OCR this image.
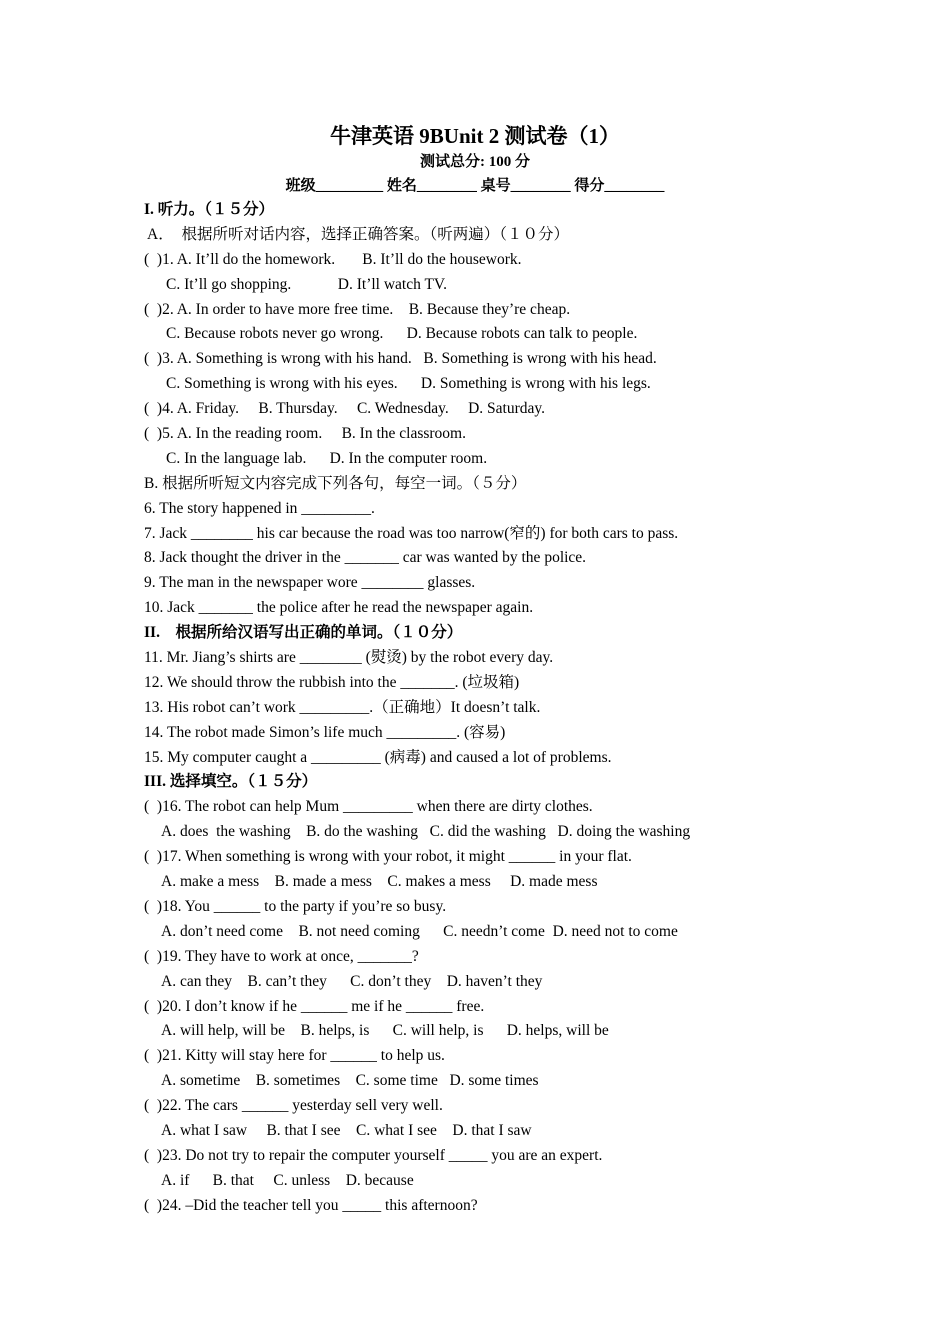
牛津英语 9BUnit 2 测试卷（1）
测试总分: 100 分
班级_________ 姓名________ 桌号________ 得分________
I. 听力。（１５分）
A．  根据所听对话内容，选择正确答案。（听两遍）（１０分）
(  )1. A. It’ll do the homework.       B. It’ll do the housework.
C. It’ll go shopping.            D. It’ll watch TV.
(  )2. A. In order to have more free time.    B. Because they’re cheap.
C. Because robots never go wrong.      D. Because robots can talk to people.
(  )3. A. Something is wrong with his hand.   B. Something is wrong with his head.
C. Something is wrong with his eyes.      D. Something is wrong with his legs.
(  )4. A. Friday.     B. Thursday.     C. Wednesday.     D. Saturday.
(  )5. A. In the reading room.     B. In the classroom.
C. In the language lab.      D. In the computer room.
B. 根据所听短文内容完成下列各句，每空一词。（５分）
6. The story happened in _________.
7. Jack ________ his car because the road was too narrow(窄的) for both cars to pass.
8. Jack thought the driver in the _______ car was wanted by the police.
9. The man in the newspaper wore ________ glasses.
10. Jack _______ the police after he read the newspaper again.
II.    根据所给汉语写出正确的单词。（１０分）
11. Mr. Jiang’s shirts are ________ (熨烫) by the robot every day.
12. We should throw the rubbish into the _______. (垃圾箱)
13. His robot can’t work _________.（正确地）It doesn’t talk.
14. The robot made Simon’s life much _________. (容易)
15. My computer caught a _________ (病毒) and caused a lot of problems.
III. 选择填空。（１５分）
(  )16. The robot can help Mum _________ when there are dirty clothes.
A. does  the washing    B. do the washing   C. did the washing   D. doing the washing
(  )17. When something is wrong with your robot, it might ______ in your flat.
A. make a mess    B. made a mess    C. makes a mess     D. made mess
(  )18. You ______ to the party if you’re so busy.
A. don’t need come    B. not need coming      C. needn’t come  D. need not to come
(  )19. They have to work at once, _______?
A. can they    B. can’t they      C. don’t they    D. haven’t they
(  )20. I don’t know if he ______ me if he ______ free.
A. will help, will be    B. helps, is      C. will help, is      D. helps, will be
(  )21. Kitty will stay here for ______ to help us.
A. sometime    B. sometimes    C. some time   D. some times
(  )22. The cars ______ yesterday sell very well.
A. what I saw     B. that I see    C. what I see    D. that I saw
(  )23. Do not try to repair the computer yourself _____ you are an expert.
A. if      B. that     C. unless    D. because
(  )24. –Did the teacher tell you _____ this afternoon?
